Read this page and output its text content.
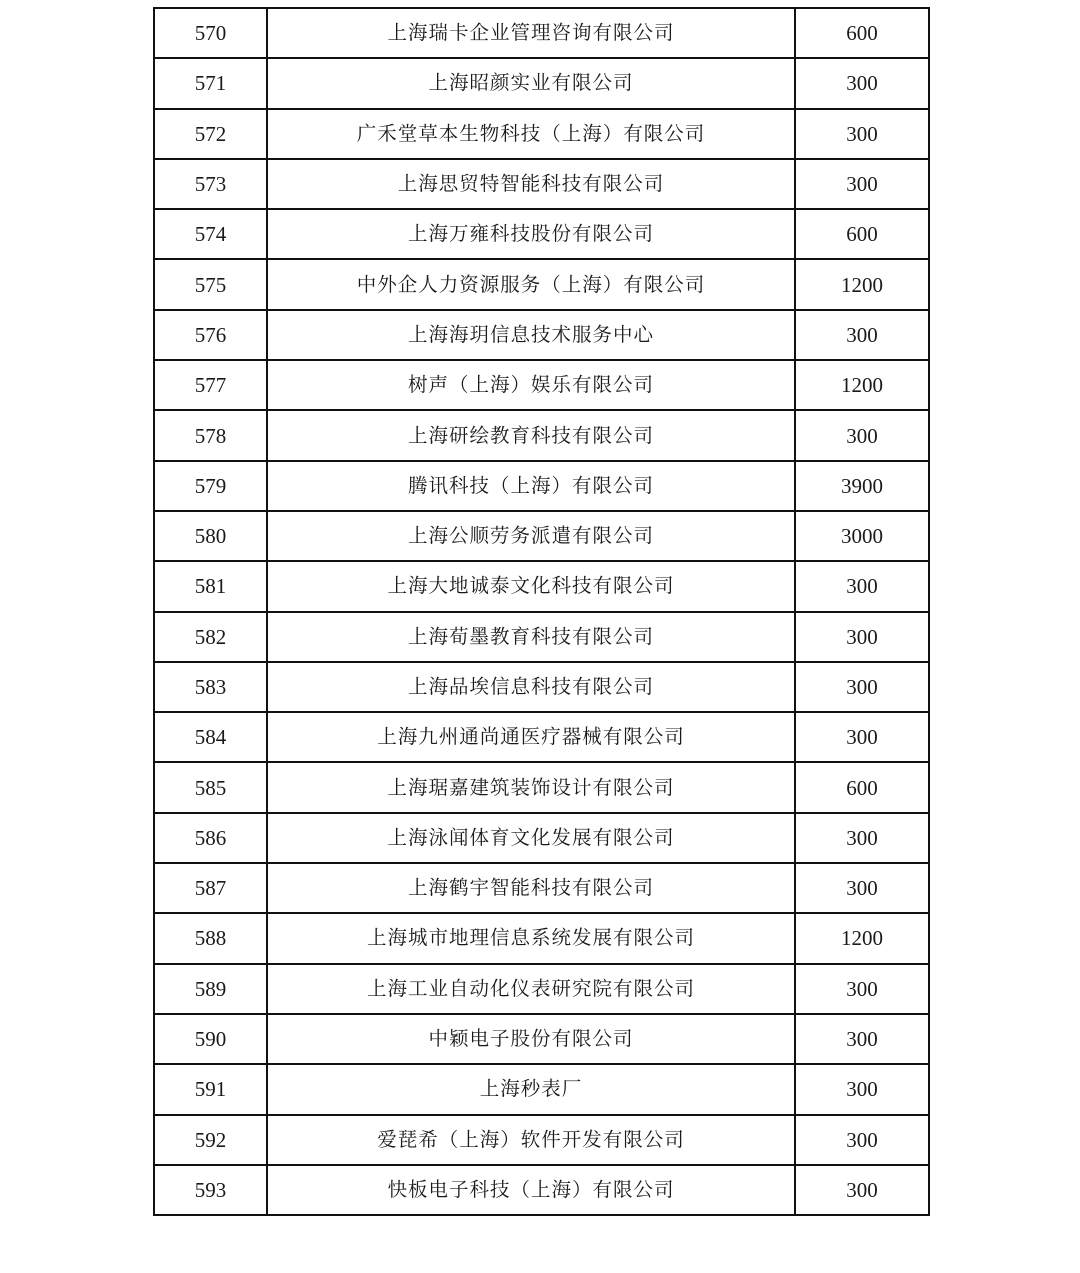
570	上海瑞卡企业管理咨询有限公司	600
571	上海昭颜实业有限公司	300
572	广禾堂草本生物科技（上海）有限公司	300
573	上海思贸特智能科技有限公司	300
574	上海万雍科技股份有限公司	600
575	中外企人力资源服务（上海）有限公司	1200
576	上海海玥信息技术服务中心	300
577	树声（上海）娱乐有限公司	1200
578	上海研绘教育科技有限公司	300
579	腾讯科技（上海）有限公司	3900
580	上海公顺劳务派遣有限公司	3000
581	上海大地诚泰文化科技有限公司	300
582	上海荀墨教育科技有限公司	300
583	上海品埃信息科技有限公司	300
584	上海九州通尚通医疗器械有限公司	300
585	上海琚嘉建筑装饰设计有限公司	600
586	上海泳闻体育文化发展有限公司	300
587	上海鹤宇智能科技有限公司	300
588	上海城市地理信息系统发展有限公司	1200
589	上海工业自动化仪表研究院有限公司	300
590	中颖电子股份有限公司	300
591	上海秒表厂	300
592	爱琵希（上海）软件开发有限公司	300
593	快板电子科技（上海）有限公司	300
